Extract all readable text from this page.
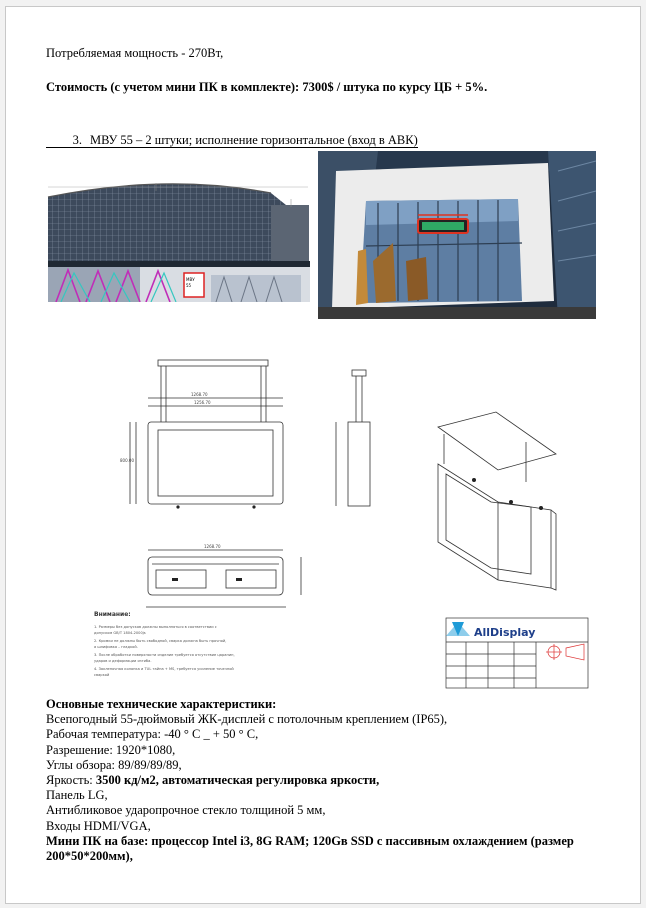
Потребляемая мощность - 270Вт,
Стоимость (с учетом мини ПК в комплекте): 7300$ / штука по курсу ЦБ + 5%.
3. МВУ 55 – 2 штуки; исполнение горизонтальное (вход в АВК)
МВУ
55
1268.70
1256.70
1268.70
800.00
Внимание:
1. Размеры без допусков должны выполняться в соответствии с
допуском GB/T 1804-2000js
2. Кромки не должны быть свободной, сварка должна быть прочной,
а шлифовка – гладкой.
3. После обработки поверхности изделие требуется отсутствие царапин,
ударов и деформации изгиба.
4. Заклепочная колонка и TUL тайна + MS, требуется усиление точечной
сваркой
AllDisplay
Основные технические характеристики:
Всепогодный 55-дюймовый ЖК-дисплей с потолочным креплением (IP65),
Рабочая температура: -40 ° С _ + 50 ° С,
Разрешение: 1920*1080,
Углы обзора: 89/89/89/89,
Яркость: 3500 кд/м2, автоматическая регулировка яркости,
Панель LG,
Антибликовое ударопрочное стекло толщиной 5 мм,
Входы HDMI/VGA,
Мини ПК на базе: процессор Intel i3, 8G RAM; 120Gв SSD с пассивным охлаждением (размер 200*50*200мм),
